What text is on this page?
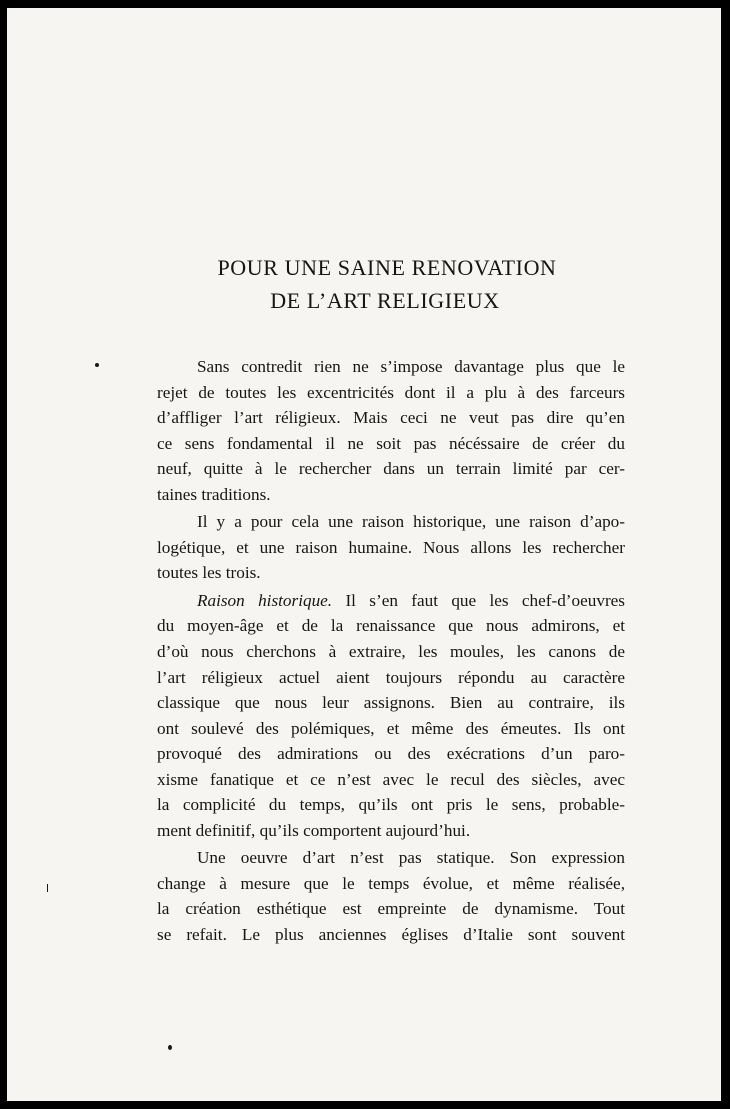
POUR UNE SAINE RENOVATION
DE L’ART RELIGIEUX
Sans contredit rien ne s’impose davantage plus que le
rejet de toutes les excentricités dont il a plu à des farceurs
d’affliger l’art réligieux. Mais ceci ne veut pas dire qu’en
ce sens fondamental il ne soit pas nécéssaire de créer du
neuf, quitte à le rechercher dans un terrain limité par cer-
taines traditions.
Il y a pour cela une raison historique, une raison d’apo-
logétique, et une raison humaine. Nous allons les rechercher
toutes les trois.
Raison historique. Il s’en faut que les chef-d’oeuvres
du moyen-âge et de la renaissance que nous admirons, et
d’où nous cherchons à extraire, les moules, les canons de
l’art réligieux actuel aient toujours répondu au caractère
classique que nous leur assignons. Bien au contraire, ils
ont soulevé des polémiques, et même des émeutes. Ils ont
provoqué des admirations ou des exécrations d’un paro-
xisme fanatique et ce n’est avec le recul des siècles, avec
la complicité du temps, qu’ils ont pris le sens, probable-
ment definitif, qu’ils comportent aujourd’hui.
Une oeuvre d’art n’est pas statique. Son expression
change à mesure que le temps évolue, et même réalisée,
la création esthétique est empreinte de dynamisme. Tout
se refait. Le plus anciennes églises d’Italie sont souvent
